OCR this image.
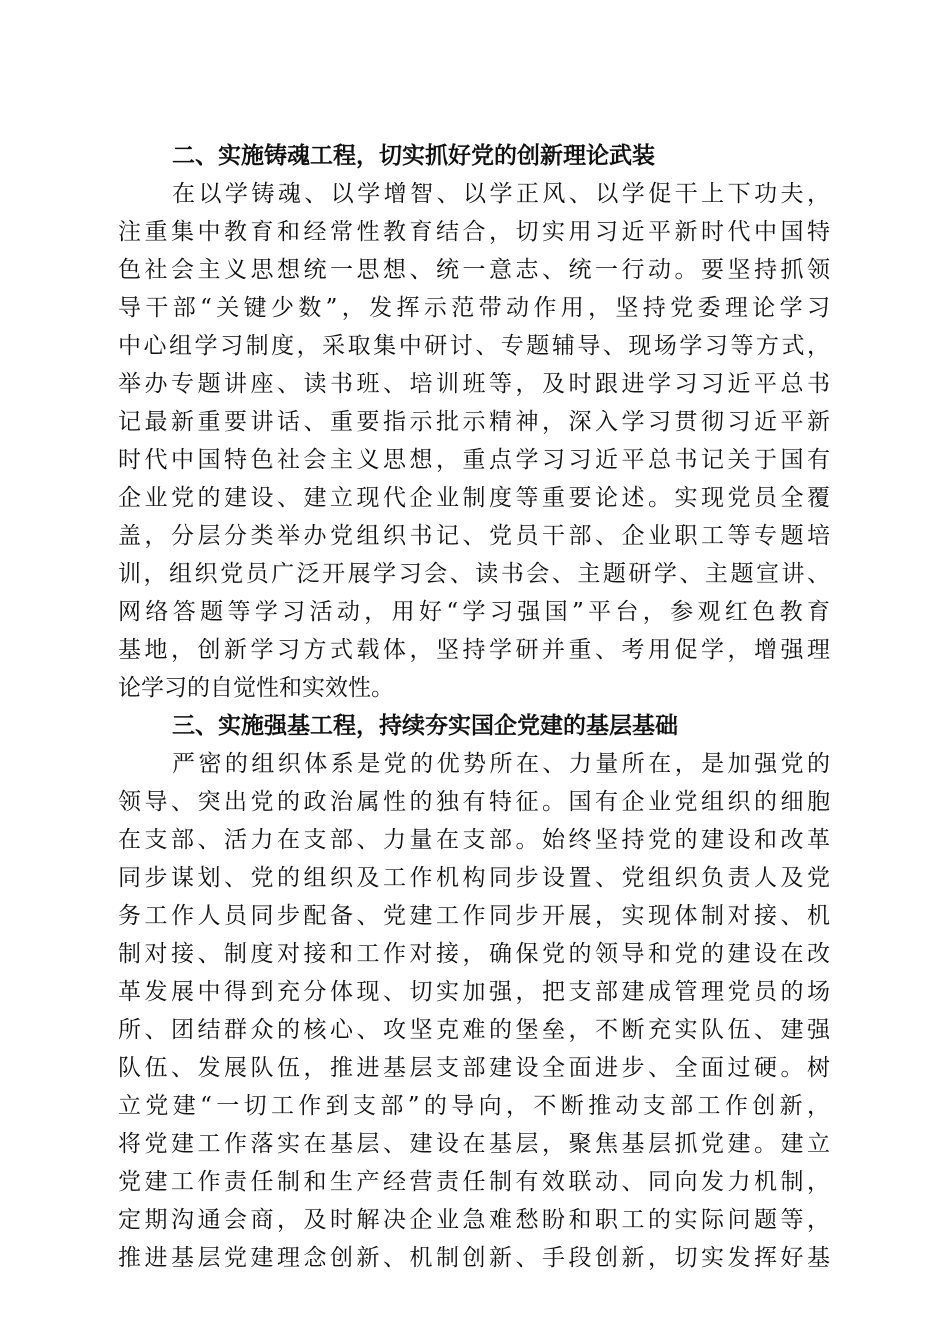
二、实施铸魂工程，切实抓好党的创新理论武装
在以学铸魂、以学增智、以学正风、以学促干上下功夫，
注重集中教育和经常性教育结合，切实用习近平新时代中国特
色社会主义思想统一思想、统一意志、统一行动。要坚持抓领
导干部“关键少数”，发挥示范带动作用，坚持党委理论学习
中心组学习制度，采取集中研讨、专题辅导、现场学习等方式，
举办专题讲座、读书班、培训班等，及时跟进学习习近平总书
记最新重要讲话、重要指示批示精神，深入学习贯彻习近平新
时代中国特色社会主义思想，重点学习习近平总书记关于国有
企业党的建设、建立现代企业制度等重要论述。实现党员全覆
盖，分层分类举办党组织书记、党员干部、企业职工等专题培
训，组织党员广泛开展学习会、读书会、主题研学、主题宣讲、
网络答题等学习活动，用好“学习强国”平台，参观红色教育
基地，创新学习方式载体，坚持学研并重、考用促学，增强理
论学习的自觉性和实效性。
三、实施强基工程，持续夯实国企党建的基层基础
严密的组织体系是党的优势所在、力量所在，是加强党的
领导、突出党的政治属性的独有特征。国有企业党组织的细胞
在支部、活力在支部、力量在支部。始终坚持党的建设和改革
同步谋划、党的组织及工作机构同步设置、党组织负责人及党
务工作人员同步配备、党建工作同步开展，实现体制对接、机
制对接、制度对接和工作对接，确保党的领导和党的建设在改
革发展中得到充分体现、切实加强，把支部建成管理党员的场
所、团结群众的核心、攻坚克难的堡垒，不断充实队伍、建强
队伍、发展队伍，推进基层支部建设全面进步、全面过硬。树
立党建“一切工作到支部”的导向，不断推动支部工作创新，
将党建工作落实在基层、建设在基层，聚焦基层抓党建。建立
党建工作责任制和生产经营责任制有效联动、同向发力机制，
定期沟通会商，及时解决企业急难愁盼和职工的实际问题等，
推进基层党建理念创新、机制创新、手段创新，切实发挥好基
